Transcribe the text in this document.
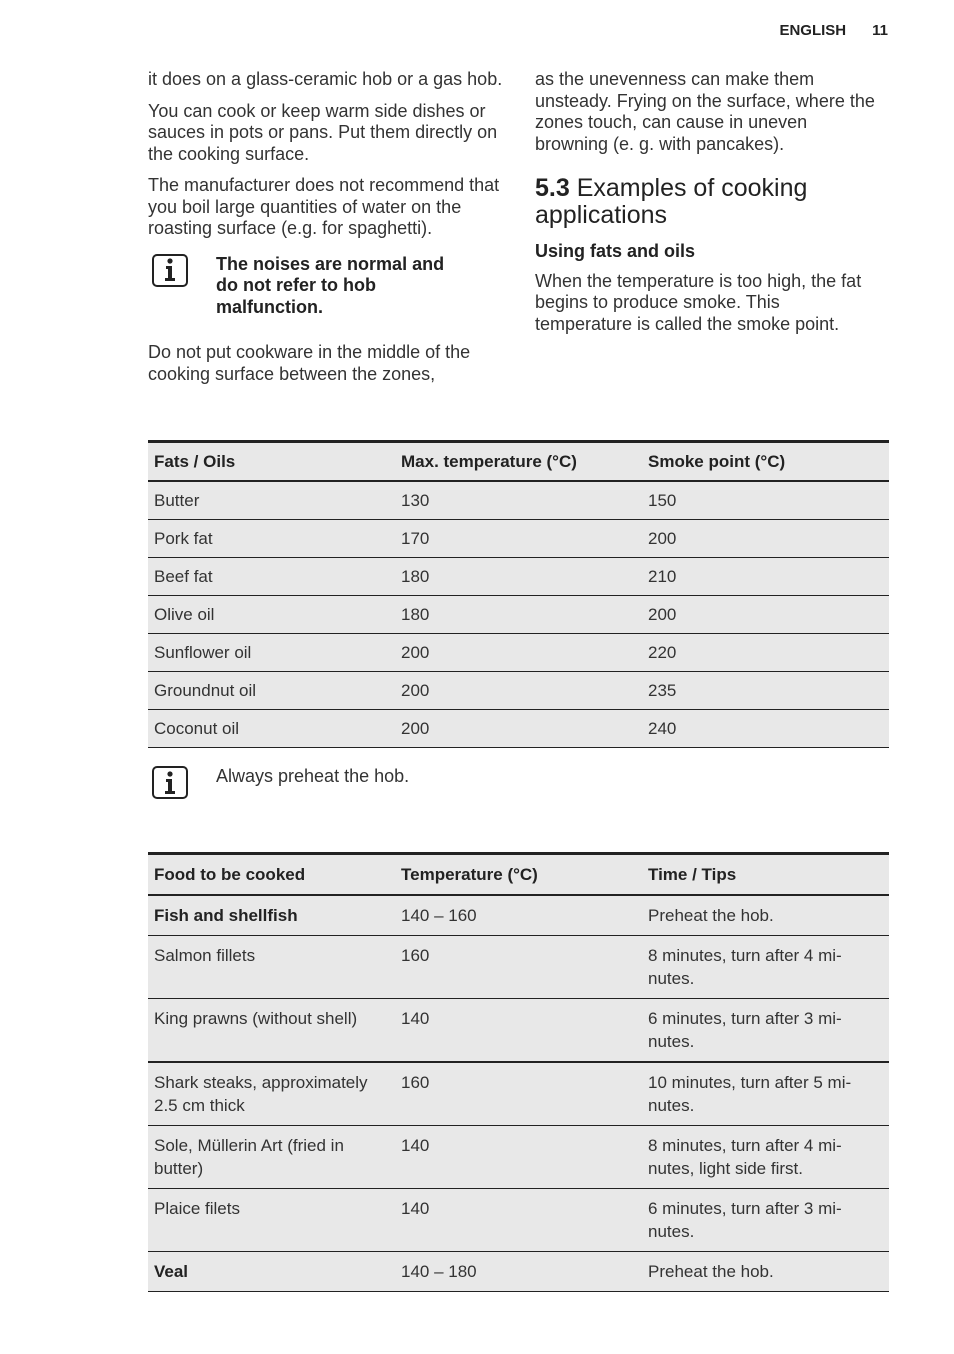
ENGLISH 11

it does on a glass-ceramic hob or a gas hob.

You can cook or keep warm side dishes or sauces in pots or pans. Put them directly on the cooking surface.

The manufacturer does not recommend that you boil large quantities of water on the roasting surface (e.g. for spaghetti).

The noises are normal and do not refer to hob malfunction.

Do not put cookware in the middle of the cooking surface between the zones,

as the unevenness can make them unsteady. Frying on the surface, where the zones touch, can cause in uneven browning (e. g. with pancakes).

5.3 Examples of cooking applications
Using fats and oils

When the temperature is too high, the fat begins to produce smoke. This temperature is called the smoke point.

Fats / Oils	Max. temperature (°C)	Smoke point (°C)
Butter	130	150
Pork fat	170	200
Beef fat	180	210
Olive oil	180	200
Sunflower oil	200	220
Groundnut oil	200	235
Coconut oil	200	240
Always preheat the hob.
Food to be cooked	Temperature (°C)	Time / Tips
Fish and shellfish	140 – 160	Preheat the hob.
Salmon fillets	160	8 minutes, turn after 4 mi-nutes.
King prawns (without shell)	140	6 minutes, turn after 3 mi-nutes.
Shark steaks, approximately 2.5 cm thick	160	10 minutes, turn after 5 mi-nutes.
Sole, Müllerin Art (fried in butter)	140	8 minutes, turn after 4 mi-nutes, light side first.
Plaice filets	140	6 minutes, turn after 3 mi-nutes.
Veal	140 – 180	Preheat the hob.
